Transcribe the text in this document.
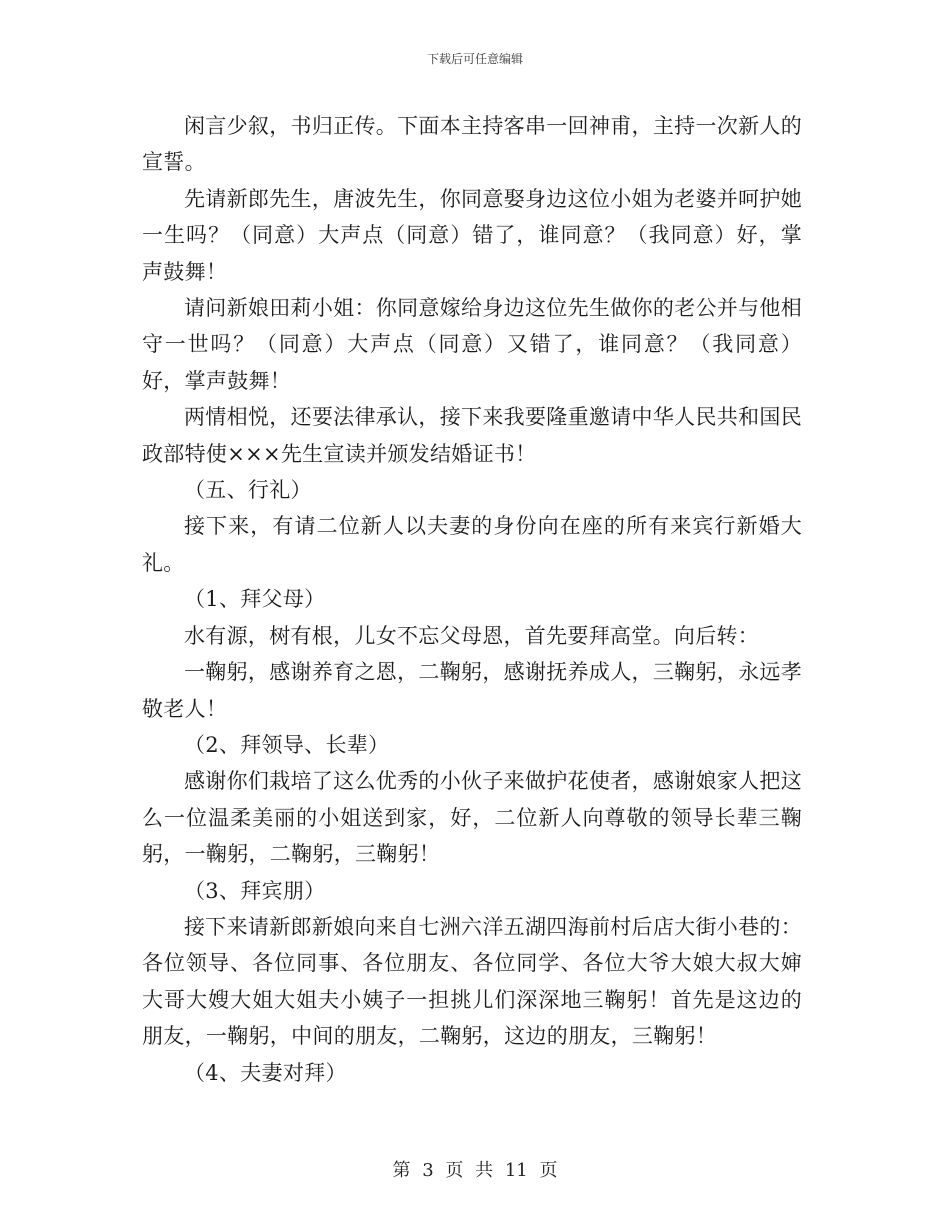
下载后可任意编辑

闲言少叙，书归正传。下面本主持客串一回神甫，主持一次新人的宣誓。

先请新郎先生，唐波先生，你同意娶身边这位小姐为老婆并呵护她一生吗？（同意）大声点（同意）错了，谁同意？（我同意）好，掌声鼓舞！

请问新娘田莉小姐：你同意嫁给身边这位先生做你的老公并与他相守一世吗？（同意）大声点（同意）又错了，谁同意？（我同意）好，掌声鼓舞！

两情相悦，还要法律承认，接下来我要隆重邀请中华人民共和国民政部特使×××先生宣读并颁发结婚证书！

（五、行礼）

接下来，有请二位新人以夫妻的身份向在座的所有来宾行新婚大礼。

（1、拜父母）

水有源，树有根，儿女不忘父母恩，首先要拜高堂。向后转：

一鞠躬，感谢养育之恩，二鞠躬，感谢抚养成人，三鞠躬，永远孝敬老人！

（2、拜领导、长辈）

感谢你们栽培了这么优秀的小伙子来做护花使者，感谢娘家人把这么一位温柔美丽的小姐送到家，好，二位新人向尊敬的领导长辈三鞠躬，一鞠躬，二鞠躬，三鞠躬！

（3、拜宾朋）

接下来请新郎新娘向来自七洲六洋五湖四海前村后店大街小巷的：各位领导、各位同事、各位朋友、各位同学、各位大爷大娘大叔大婶大哥大嫂大姐大姐夫小姨子一担挑儿们深深地三鞠躬！首先是这边的朋友，一鞠躬，中间的朋友，二鞠躬，这边的朋友，三鞠躬！

（4、夫妻对拜）

第 3 页 共 11 页
